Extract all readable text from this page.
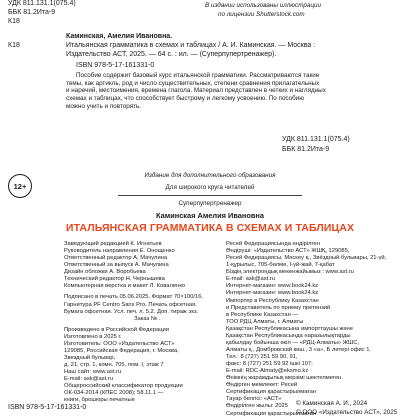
УДК 811.131.1(075.4)
ББК 81.2Ита-9
К18
В издании использованы иллюстрации
по лицензии Shutterstock.com
Каминская, Амелия Ивановна.
К18	Итальянская грамматика в схемах и таблицах / А. И. Каминская. — Москва :
Издательство АСТ, 2025. — 64 с. : ил. — (Суперпупертренажер).
ISBN 978-5-17-161331-0
Пособие содержит базовый курс итальянской грамматики. Рассматриваются такие
темы, как артикль, род и число существительных, степени сравнения прилагательных
и наречий, местоимения, времена глагола. Материал представлен в четких и наглядных
схемах и таблицах, что способствует быстрому и легкому усвоению. По пособию
можно учить и повторять.
УДК 811.131.1(075.4)
ББК 81.2Ита-9
12+
Издание для дополнительного образования
Для широкого круга читателей
Суперпупертренажер
Каминская Амелия Ивановна
ИТАЛЬЯНСКАЯ ГРАММАТИКА В СХЕМАХ И ТАБЛИЦАХ
Заведующий редакцией К. Игнатьев
Руководитель направления Е. Онощенко
Ответственный редактор А. Мачулина
Ответственный за выпуск А. Мачулина
Дизайн обложки А. Воробьева
Технический редактор Н. Чернышева
Компьютерная верстка и макет Л. Коваленко
Подписано в печать 05.06.2025. Формат 70×100/16.
Гарнитура PF Centro Sans Pro. Печать офсетная.
Бумага офсетная. Усл. печ. л. 5,2. Доп. тираж экз.
Заказ № .
Произведено в Российской Федерации
Изготовлено в 2025 г.
Изготовитель: ООО «Издательство АСТ»
129085, Российская Федерация, г. Москва,
Звездный бульвар,
д. 21, стр. 1, комн. 705, пом. I, этаж 7
Наш сайт: www.ast.ru
E-mail: ask@ast.ru
Общероссийский классификатор продукции
ОК-034-2014 (КПЕС 2008); 58.11.1 —
книги, брошюры печатные
Ресей Федерациясында өндірілген
Өндіруші: «Издательство АСТ» ЖШҚ, 129085,
Ресей Федерациясы, Мәскеу қ., Звёздный бульвары, 21-үй,
1-құрылыс, 705-бөлме, І-үй-жай, 7-қабат
Біздің электрондық мекенжайымыз : www.ast.ru
E-mail: ask@ast.ru
Интернет-магазин: www.book24.kz
Интернет-магазин: www.book24.kz
Импортер в Республику Казахстан
и Представитель по приему претензий
в Республике Казахстан —
ТОО РДЦ Алматы, г. Алматы
Қазақстан Республикасына импорттаушы және
Қазақстан Республикасында наразылықтарды
қабылдау бойынша өкіл — «РДЦ-Алматы» ЖШС,
Алматы қ., Домбровский көш., 3 «а», Б литерi офис 1.
Тел.: 8 (727) 251 59 90, 91,
факс: 8 (727) 251 59 92 ішкі 107;
E-mail: RDC-Almaty@eksmo.kz
Өнімнің жарамдылық мерзімі шектелмеген.
Өндірген мемлекет: Ресей
Сертификация қарастырылмаған
Тауар белгісі: «АСТ»
Өндірілген жылы: 2025
Сертификация қарастырылмаған
ISBN 978-5-17-161331-0
© Каминская А. И., 2024
© ООО «Издательство АСТ», 2025
